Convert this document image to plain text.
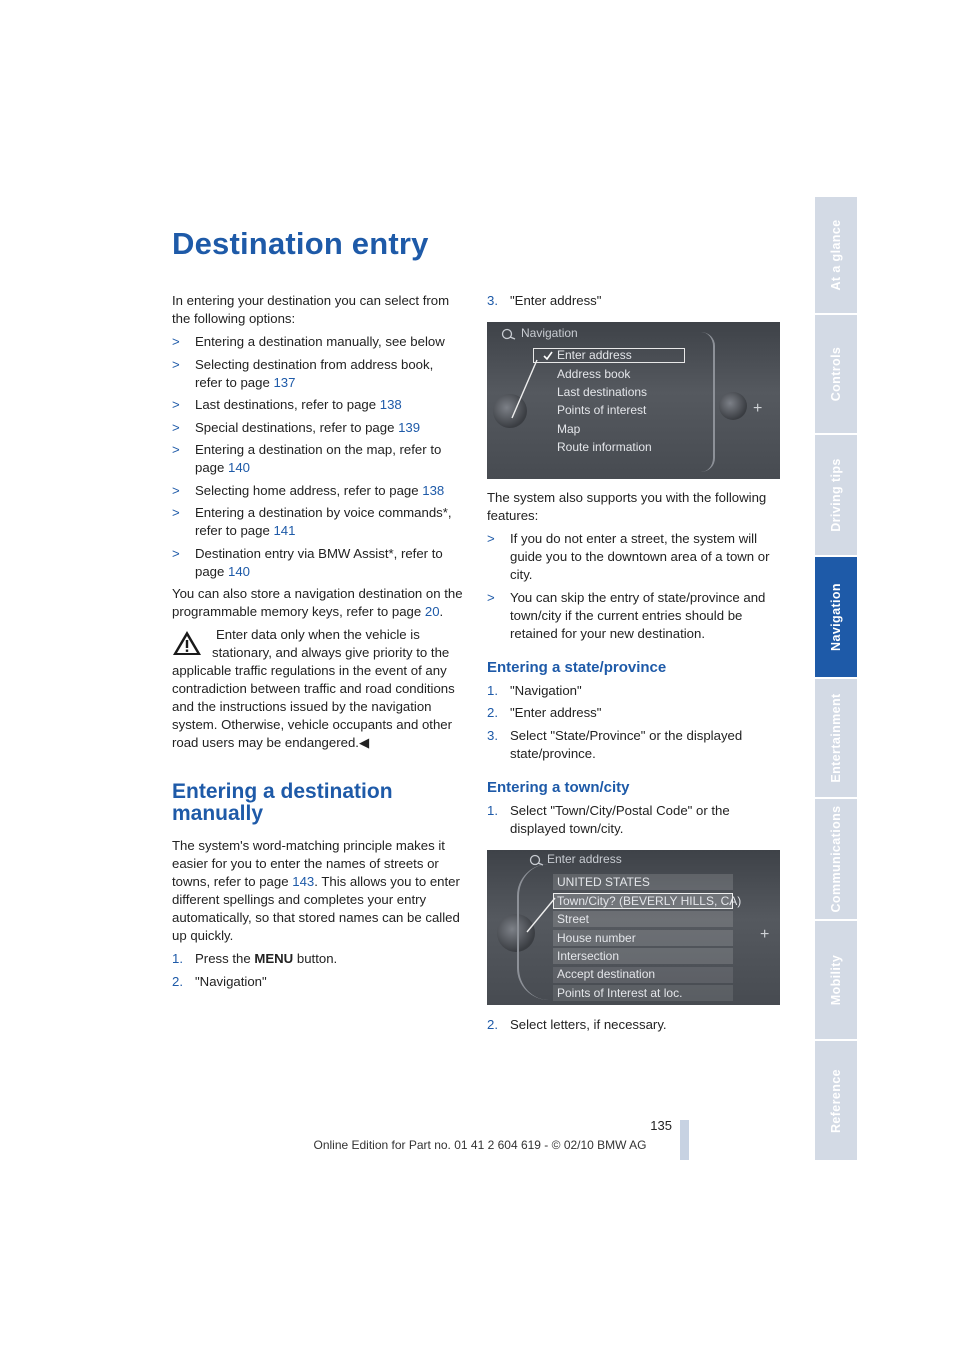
Destination entry
In entering your destination you can select from the following options:
> Entering a destination manually, see below
> Selecting destination from address book, refer to page 137
> Last destinations, refer to page 138
> Special destinations, refer to page 139
> Entering a destination on the map, refer to page 140
> Selecting home address, refer to page 138
> Entering a destination by voice commands*, refer to page 141
> Destination entry via BMW Assist*, refer to page 140
You can also store a navigation destination on the programmable memory keys, refer to page 20.
Enter data only when the vehicle is stationary, and always give priority to the applicable traffic regulations in the event of any contradiction between traffic and road conditions and the instructions issued by the navigation system. Otherwise, vehicle occupants and other road users may be endangered.◀
Entering a destination manually
The system's word-matching principle makes it easier for you to enter the names of streets or towns, refer to page 143. This allows you to enter different spellings and completes your entry automatically, so that stored names can be called up quickly.
1. Press the MENU button.
2. "Navigation"
3. "Enter address"
Navigation
+
Enter address
Address book
Last destinations
Points of interest
Map
Route information
The system also supports you with the following features:
> If you do not enter a street, the system will guide you to the downtown area of a town or city.
> You can skip the entry of state/province and town/city if the current entries should be retained for your new destination.
Entering a state/province
1. "Navigation"
2. "Enter address"
3. Select "State/Province" or the displayed state/province.
Entering a town/city
1. Select "Town/City/Postal Code" or the displayed town/city.
Enter address
+
UNITED STATES
Town/City? (BEVERLY HILLS, CA)
Street
House number
Intersection
Accept destination
Points of Interest at loc.
2. Select letters, if necessary.
At a glance
Controls
Driving tips
Navigation
Entertainment
Communications
Mobility
Reference
135
Online Edition for Part no. 01 41 2 604 619 - © 02/10 BMW AG
